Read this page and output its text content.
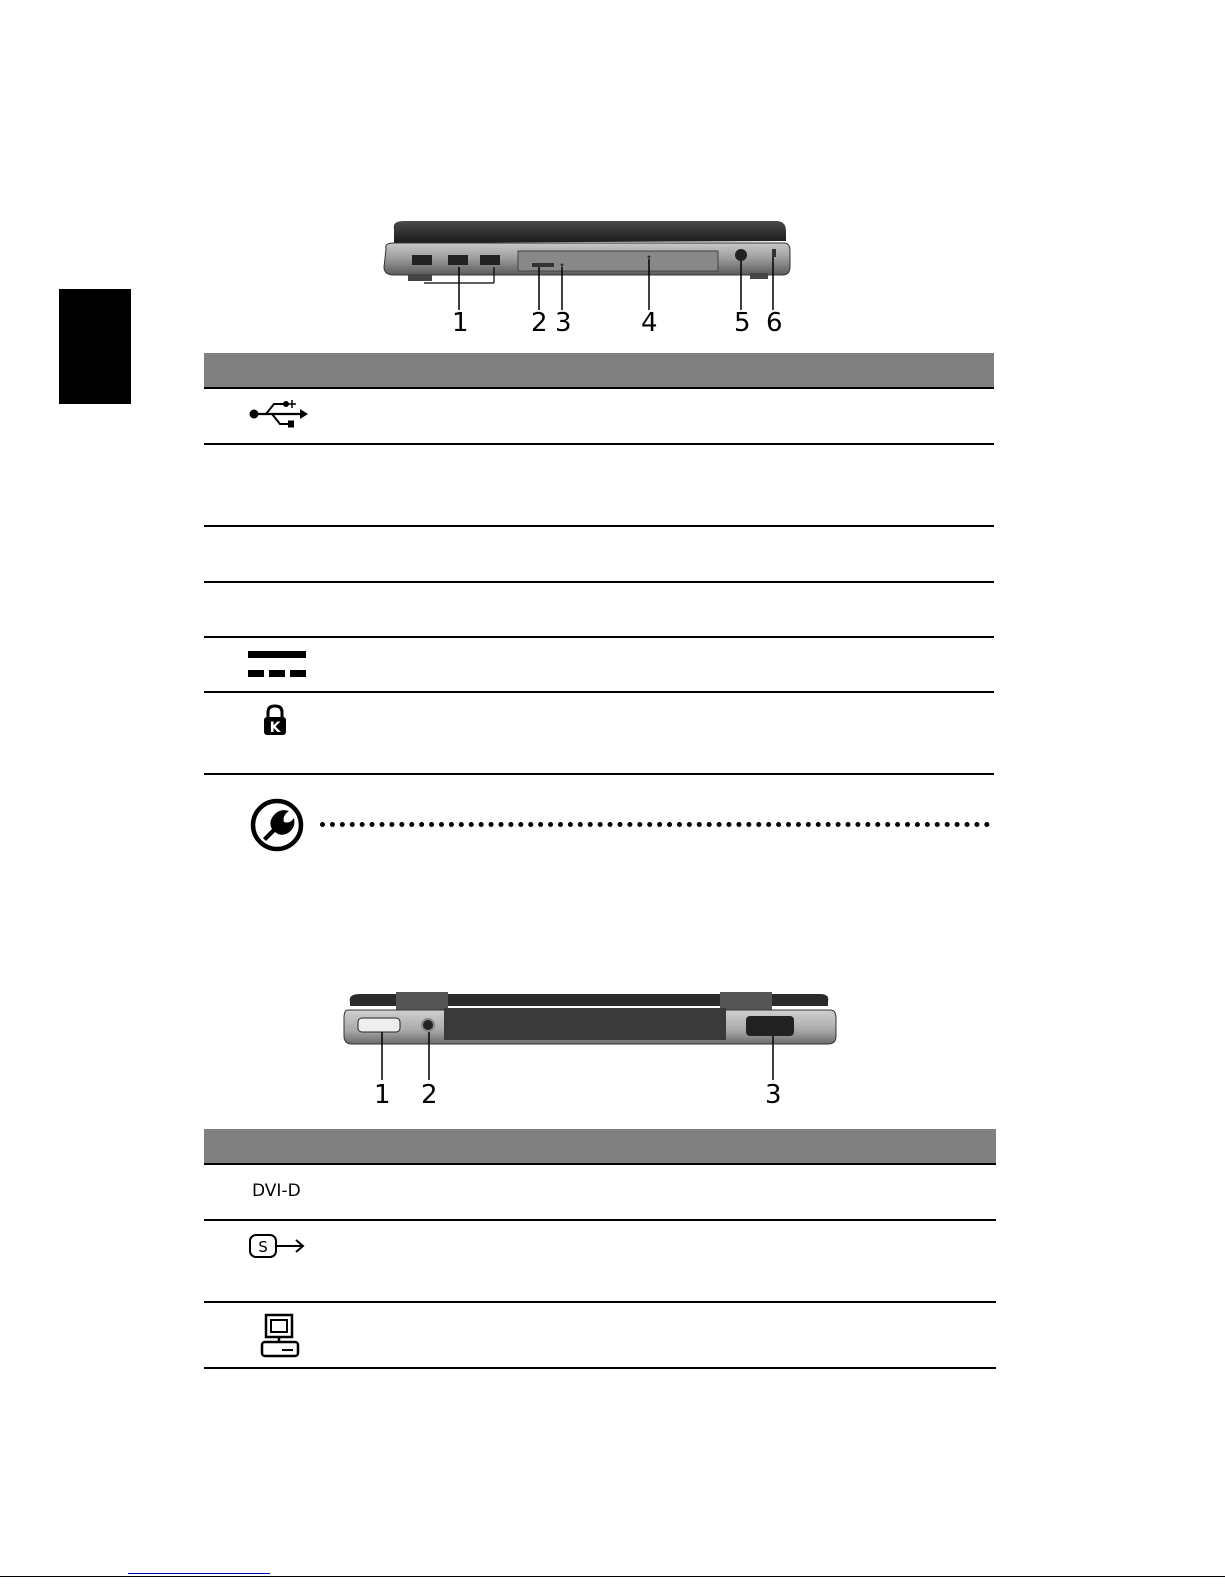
1 2 3	4	5 6
K
1 2	3
DVI-D
S
